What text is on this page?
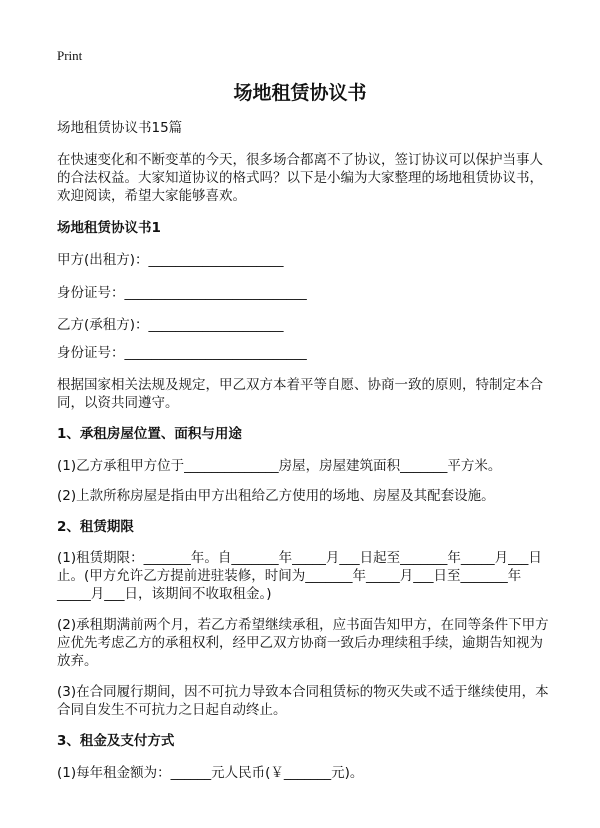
Print
场地租赁协议书
场地租赁协议书15篇
在快速变化和不断变革的今天，很多场合都离不了协议，签订协议可以保护当事人的合法权益。大家知道协议的格式吗？以下是小编为大家整理的场地租赁协议书，欢迎阅读，希望大家能够喜欢。
场地租赁协议书1
甲方(出租方)：____________________
身份证号：___________________________
乙方(承租方)：____________________
身份证号：___________________________
根据国家相关法规及规定，甲乙双方本着平等自愿、协商一致的原则，特制定本合同，以资共同遵守。
1、承租房屋位置、面积与用途
(1)乙方承租甲方位于______________房屋，房屋建筑面积_______平方米。
(2)上款所称房屋是指由甲方出租给乙方使用的场地、房屋及其配套设施。
2、租赁期限
(1)租赁期限：_______年。自_______年_____月___日起至_______年_____月___日止。(甲方允许乙方提前进驻装修，时间为_______年_____月___日至_______年_____月___日，该期间不收取租金。)
(2)承租期满前两个月，若乙方希望继续承租，应书面告知甲方，在同等条件下甲方应优先考虑乙方的承租权利，经甲乙双方协商一致后办理续租手续，逾期告知视为放弃。
(3)在合同履行期间，因不可抗力导致本合同租赁标的物灭失或不适于继续使用，本合同自发生不可抗力之日起自动终止。
3、租金及支付方式
(1)每年租金额为：______元人民币(￥_______元)。
